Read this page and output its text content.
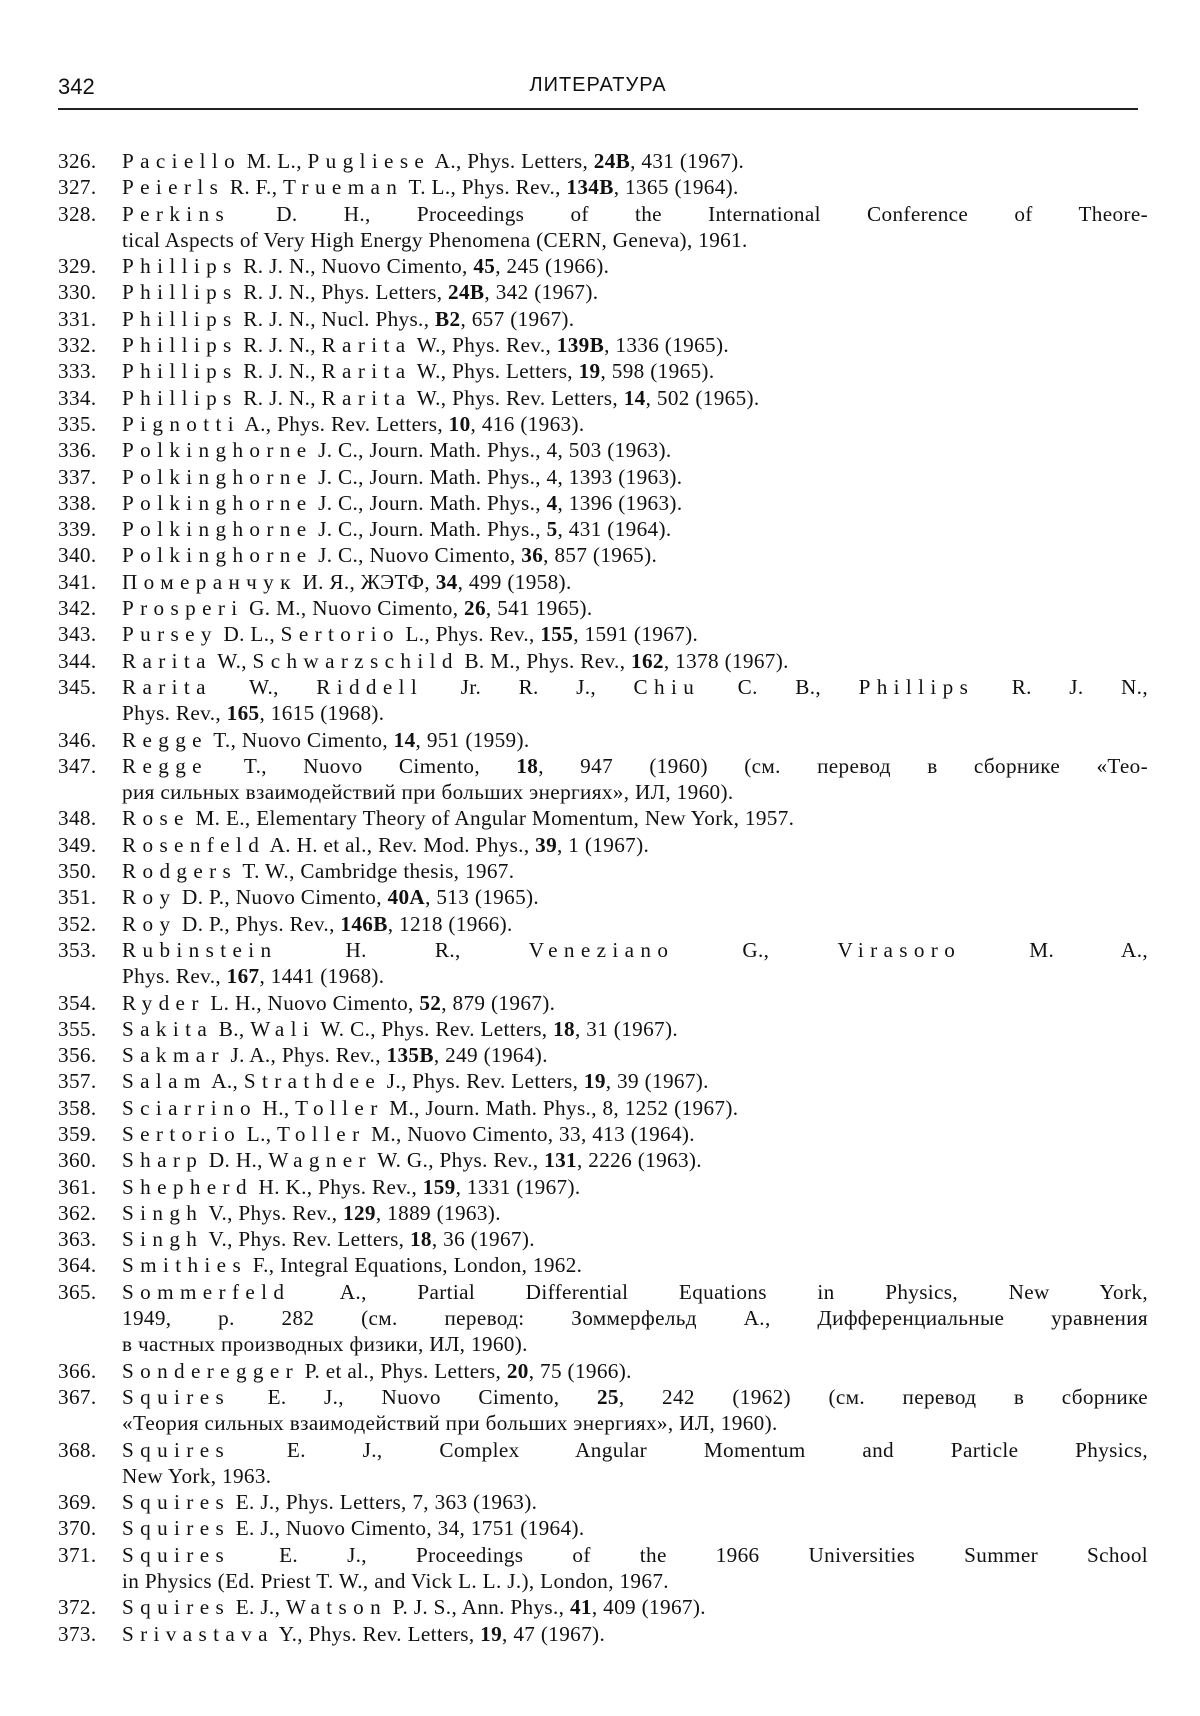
342	ЛИТЕРАТУРА
326.	Paciello M. L., Pugliese A., Phys. Letters, 24B, 431 (1967).
327.	Peierls R. F., Trueman T. L., Phys. Rev., 134B, 1365 (1964).
328.	Perkins D. H., Proceedings of the International Conference of Theore-
tical Aspects of Very High Energy Phenomena (CERN, Geneva), 1961.
329.	Phillips R. J. N., Nuovo Cimento, 45, 245 (1966).
330.	Phillips R. J. N., Phys. Letters, 24B, 342 (1967).
331.	Phillips R. J. N., Nucl. Phys., B2, 657 (1967).
332.	Phillips R. J. N., Rarita W., Phys. Rev., 139B, 1336 (1965).
333.	Phillips R. J. N., Rarita W., Phys. Letters, 19, 598 (1965).
334.	Phillips R. J. N., Rarita W., Phys. Rev. Letters, 14, 502 (1965).
335.	Pignotti A., Phys. Rev. Letters, 10, 416 (1963).
336.	Polkinghorne J. C., Journ. Math. Phys., 4, 503 (1963).
337.	Polkinghorne J. C., Journ. Math. Phys., 4, 1393 (1963).
338.	Polkinghorne J. C., Journ. Math. Phys., 4, 1396 (1963).
339.	Polkinghorne J. C., Journ. Math. Phys., 5, 431 (1964).
340.	Polkinghorne J. C., Nuovo Cimento, 36, 857 (1965).
341.	Померанчук И. Я., ЖЭТФ, 34, 499 (1958).
342.	Prosperi G. M., Nuovo Cimento, 26, 541 1965).
343.	Pursey D. L., Sertorio L., Phys. Rev., 155, 1591 (1967).
344.	Rarita W., Schwarzschild B. M., Phys. Rev., 162, 1378 (1967).
345.	Rarita W., Riddell Jr. R. J., Chiu C. B., Phillips R. J. N.,
Phys. Rev., 165, 1615 (1968).
346.	Regge T., Nuovo Cimento, 14, 951 (1959).
347.	Regge T., Nuovo Cimento, 18, 947 (1960) (см. перевод в сборнике «Тео-
рия сильных взаимодействий при больших энергиях», ИЛ, 1960).
348.	Rose M. E., Elementary Theory of Angular Momentum, New York, 1957.
349.	Rosenfeld A. H. et al., Rev. Mod. Phys., 39, 1 (1967).
350.	Rodgers T. W., Cambridge thesis, 1967.
351.	Roy D. P., Nuovo Cimento, 40A, 513 (1965).
352.	Roy D. P., Phys. Rev., 146B, 1218 (1966).
353.	Rubinstein H. R., Veneziano G., Virasoro M. A.,
Phys. Rev., 167, 1441 (1968).
354.	Ryder L. H., Nuovo Cimento, 52, 879 (1967).
355.	Sakita B., Wali W. C., Phys. Rev. Letters, 18, 31 (1967).
356.	Sakmar J. A., Phys. Rev., 135B, 249 (1964).
357.	Salam A., Strathdee J., Phys. Rev. Letters, 19, 39 (1967).
358.	Sciarrino H., Toller M., Journ. Math. Phys., 8, 1252 (1967).
359.	Sertorio L., Toller M., Nuovo Cimento, 33, 413 (1964).
360.	Sharp D. H., Wagner W. G., Phys. Rev., 131, 2226 (1963).
361.	Shepherd H. K., Phys. Rev., 159, 1331 (1967).
362.	Singh V., Phys. Rev., 129, 1889 (1963).
363.	Singh V., Phys. Rev. Letters, 18, 36 (1967).
364.	Smithies F., Integral Equations, London, 1962.
365.	Sommerfeld A., Partial Differential Equations in Physics, New York,
1949, p. 282 (см. перевод: Зоммерфельд А., Дифференциальные уравнения
в частных производных физики, ИЛ, 1960).
366.	Sonderegger P. et al., Phys. Letters, 20, 75 (1966).
367.	Squires E. J., Nuovo Cimento, 25, 242 (1962) (см. перевод в сборнике
«Теория сильных взаимодействий при больших энергиях», ИЛ, 1960).
368.	Squires E. J., Complex Angular Momentum and Particle Physics,
New York, 1963.
369.	Squires E. J., Phys. Letters, 7, 363 (1963).
370.	Squires E. J., Nuovo Cimento, 34, 1751 (1964).
371.	Squires E. J., Proceedings of the 1966 Universities Summer School
in Physics (Ed. Priest T. W., and Vick L. L. J.), London, 1967.
372.	Squires E. J., Watson P. J. S., Ann. Phys., 41, 409 (1967).
373.	Srivastava Y., Phys. Rev. Letters, 19, 47 (1967).
